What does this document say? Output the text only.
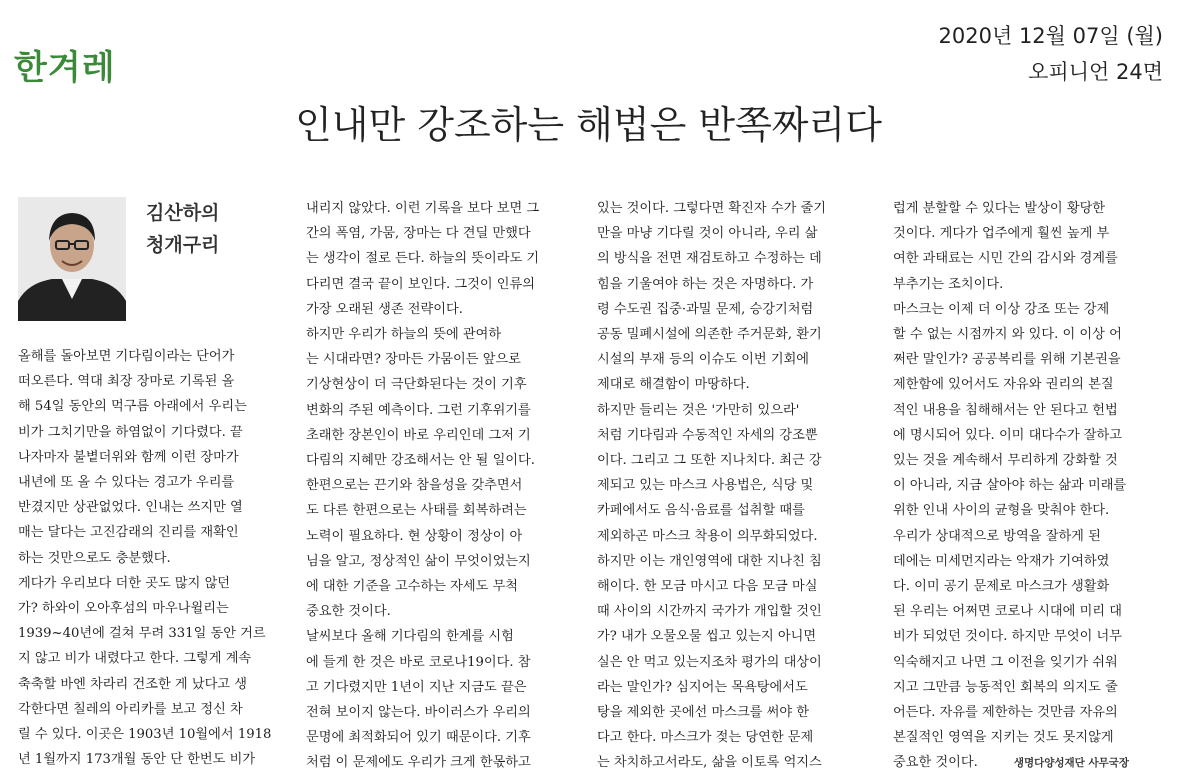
한겨레
2020년 12월 07일 (월)
오피니언 24면
인내만 강조하는 해법은 반쪽짜리다
김산하의
청개구리

올해를 돌아보면 기다림이라는 단어가

떠오른다. 역대 최장 장마로 기록된 올

해 54일 동안의 먹구름 아래에서 우리는

비가 그치기만을 하염없이 기다렸다. 끝

나자마자 불볕더위와 함께 이런 장마가

내년에 또 올 수 있다는 경고가 우리를

반겼지만 상관없었다. 인내는 쓰지만 열

매는 달다는 고진감래의 진리를 재확인

하는 것만으로도 충분했다.

게다가 우리보다 더한 곳도 많지 않던

가? 하와이 오아후섬의 마우나윌리는

1939~40년에 걸쳐 무려 331일 동안 거르

지 않고 비가 내렸다고 한다. 그렇게 계속

축축할 바엔 차라리 건조한 게 났다고 생

각한다면 칠레의 아리카를 보고 정신 차

릴 수 있다. 이곳은 1903년 10월에서 1918

년 1월까지 173개월 동안 단 한번도 비가

내리지 않았다. 이런 기록을 보다 보면 그

간의 폭염, 가뭄, 장마는 다 견딜 만했다

는 생각이 절로 든다. 하늘의 뜻이라도 기

다리면 결국 끝이 보인다. 그것이 인류의

가장 오래된 생존 전략이다.

하지만 우리가 하늘의 뜻에 관여하

는 시대라면? 장마든 가뭄이든 앞으로

기상현상이 더 극단화된다는 것이 기후

변화의 주된 예측이다. 그런 기후위기를

초래한 장본인이 바로 우리인데 그저 기

다림의 지혜만 강조해서는 안 될 일이다.

한편으로는 끈기와 참을성을 갖추면서

도 다른 한편으로는 사태를 회복하려는

노력이 필요하다. 현 상황이 정상이 아

님을 알고, 정상적인 삶이 무엇이었는지

에 대한 기준을 고수하는 자세도 무척

중요한 것이다.

날씨보다 올해 기다림의 한계를 시험

에 들게 한 것은 바로 코로나19이다. 참

고 기다렸지만 1년이 지난 지금도 끝은

전혀 보이지 않는다. 바이러스가 우리의

문명에 최적화되어 있기 때문이다. 기후

처럼 이 문제에도 우리가 크게 한몫하고

있는 것이다. 그렇다면 확진자 수가 줄기

만을 마냥 기다릴 것이 아니라, 우리 삶

의 방식을 전면 재검토하고 수정하는 데

힘을 기울여야 하는 것은 자명하다. 가

령 수도권 집중·과밀 문제, 승강기처럼

공동 밀폐시설에 의존한 주거문화, 환기

시설의 부재 등의 이슈도 이번 기회에

제대로 해결함이 마땅하다.

하지만 들리는 것은 '가만히 있으라'

처럼 기다림과 수동적인 자세의 강조뿐

이다. 그리고 그 또한 지나치다. 최근 강

제되고 있는 마스크 사용법은, 식당 및

카페에서도 음식·음료를 섭취할 때를

제외하곤 마스크 착용이 의무화되었다.

하지만 이는 개인영역에 대한 지나친 침

해이다. 한 모금 마시고 다음 모금 마실

때 사이의 시간까지 국가가 개입할 것인

가? 내가 오물오물 씹고 있는지 아니면

실은 안 먹고 있는지조차 평가의 대상이

라는 말인가? 심지어는 목욕탕에서도

탕을 제외한 곳에선 마스크를 써야 한

다고 한다. 마스크가 젖는 당연한 문제

는 차치하고서라도, 삶을 이토록 억지스

럽게 분할할 수 있다는 발상이 황당한

것이다. 게다가 업주에게 훨씬 높게 부

여한 과태료는 시민 간의 감시와 경계를

부추기는 조치이다.

마스크는 이제 더 이상 강조 또는 강제

할 수 없는 시점까지 와 있다. 이 이상 어

쩌란 말인가? 공공복리를 위해 기본권을

제한함에 있어서도 자유와 권리의 본질

적인 내용을 침해해서는 안 된다고 헌법

에 명시되어 있다. 이미 대다수가 잘하고

있는 것을 계속해서 무리하게 강화할 것

이 아니라, 지금 살아야 하는 삶과 미래를

위한 인내 사이의 균형을 맞춰야 한다.

우리가 상대적으로 방역을 잘하게 된

데에는 미세먼지라는 악재가 기여하였

다. 이미 공기 문제로 마스크가 생활화

된 우리는 어쩌면 코로나 시대에 미리 대

비가 되었던 것이다. 하지만 무엇이 너무

익숙해지고 나면 그 이전을 잊기가 쉬워

지고 그만큼 능동적인 회복의 의지도 줄

어든다. 자유를 제한하는 것만큼 자유의

본질적인 영역을 지키는 것도 못지않게

중요한 것이다.	생명다양성재단 사무국장
